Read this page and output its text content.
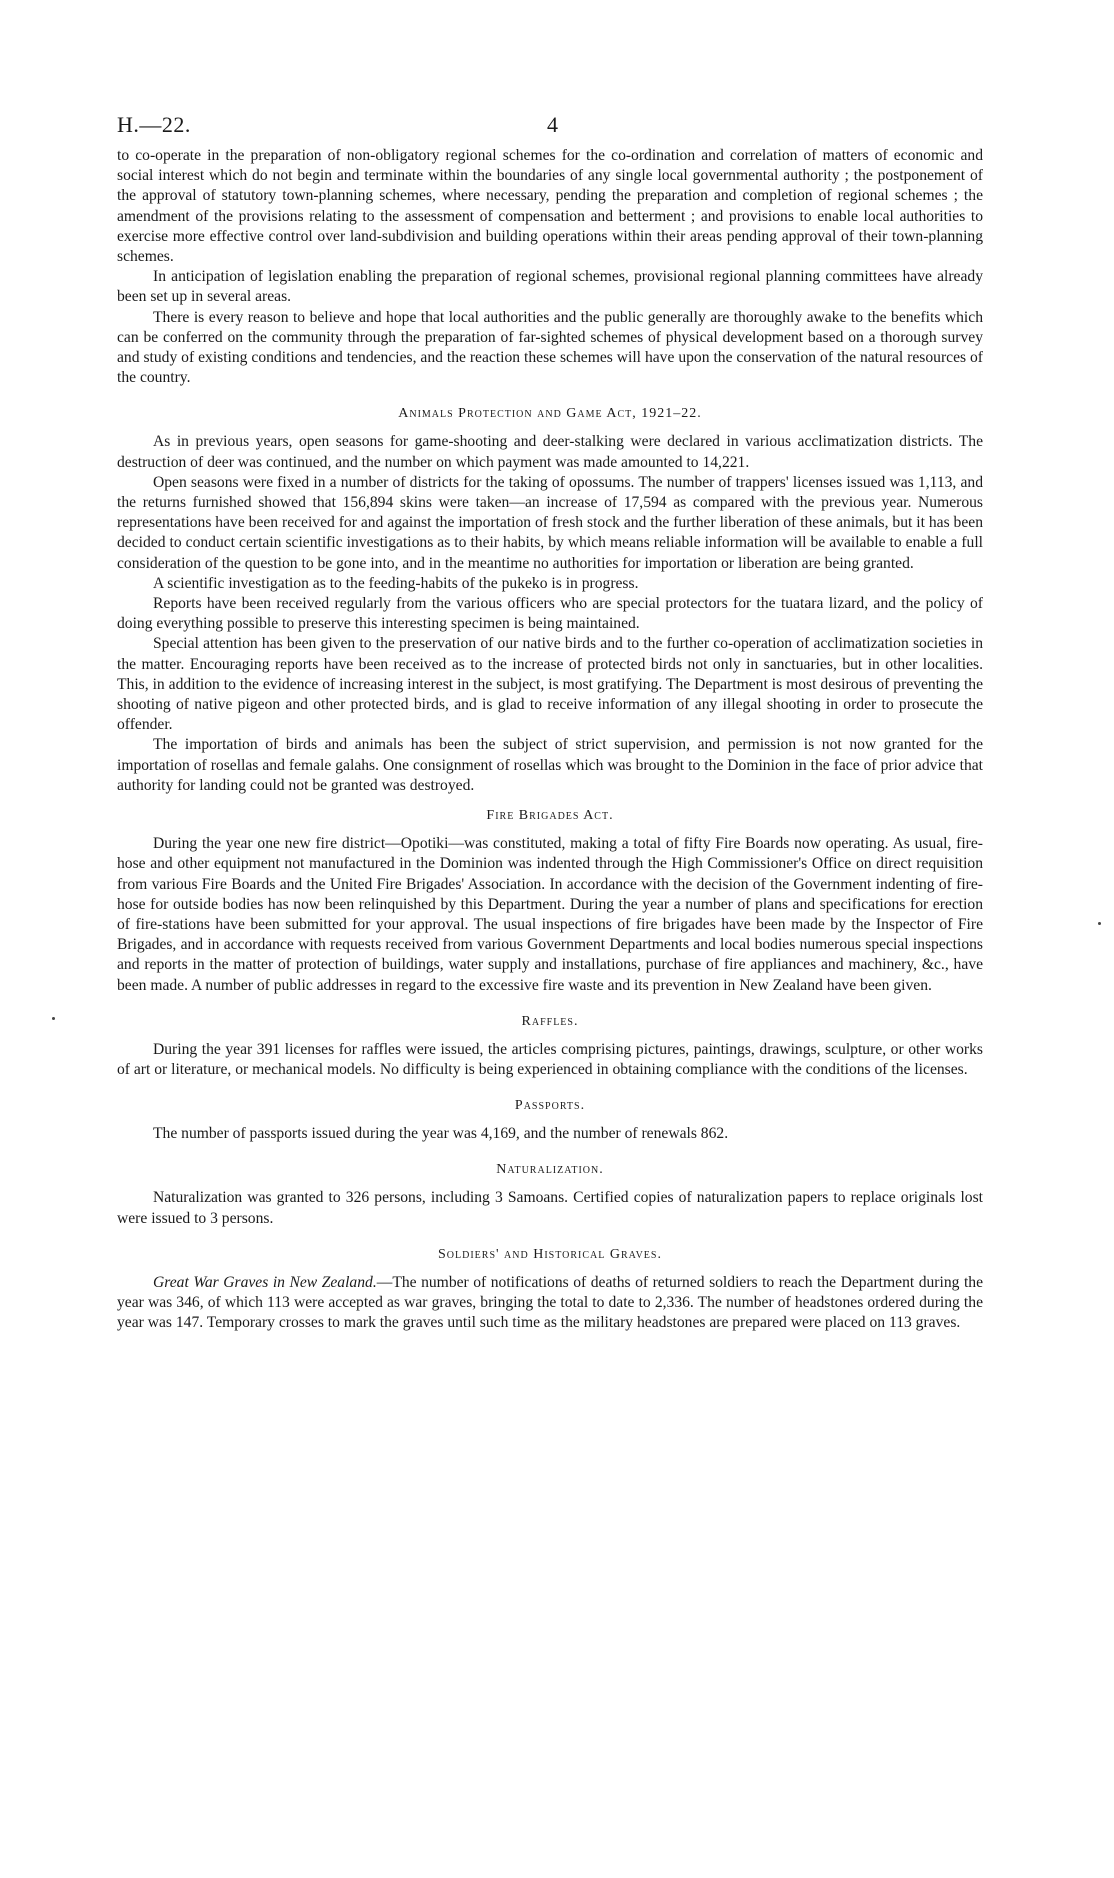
H.—22.	4

to co-operate in the preparation of non-obligatory regional schemes for the co-ordination and correlation of matters of economic and social interest which do not begin and terminate within the boundaries of any single local governmental authority ; the postponement of the approval of statutory town-planning schemes, where necessary, pending the preparation and completion of regional schemes ; the amendment of the provisions relating to the assessment of compensation and betterment ; and provisions to enable local authorities to exercise more effective control over land-subdivision and building operations within their areas pending approval of their town-planning schemes.

In anticipation of legislation enabling the preparation of regional schemes, provisional regional planning committees have already been set up in several areas.

There is every reason to believe and hope that local authorities and the public generally are thoroughly awake to the benefits which can be conferred on the community through the preparation of far-sighted schemes of physical development based on a thorough survey and study of existing conditions and tendencies, and the reaction these schemes will have upon the conservation of the natural resources of the country.

Animals Protection and Game Act, 1921–22.

As in previous years, open seasons for game-shooting and deer-stalking were declared in various acclimatization districts. The destruction of deer was continued, and the number on which payment was made amounted to 14,221.

Open seasons were fixed in a number of districts for the taking of opossums. The number of trappers' licenses issued was 1,113, and the returns furnished showed that 156,894 skins were taken—an increase of 17,594 as compared with the previous year. Numerous representations have been received for and against the importation of fresh stock and the further liberation of these animals, but it has been decided to conduct certain scientific investigations as to their habits, by which means reliable information will be available to enable a full consideration of the question to be gone into, and in the meantime no authorities for importation or liberation are being granted.

A scientific investigation as to the feeding-habits of the pukeko is in progress.

Reports have been received regularly from the various officers who are special protectors for the tuatara lizard, and the policy of doing everything possible to preserve this interesting specimen is being maintained.

Special attention has been given to the preservation of our native birds and to the further co-operation of acclimatization societies in the matter. Encouraging reports have been received as to the increase of protected birds not only in sanctuaries, but in other localities. This, in addition to the evidence of increasing interest in the subject, is most gratifying. The Department is most desirous of preventing the shooting of native pigeon and other protected birds, and is glad to receive information of any illegal shooting in order to prosecute the offender.

The importation of birds and animals has been the subject of strict supervision, and permission is not now granted for the importation of rosellas and female galahs. One consignment of rosellas which was brought to the Dominion in the face of prior advice that authority for landing could not be granted was destroyed.

Fire Brigades Act.

During the year one new fire district—Opotiki—was constituted, making a total of fifty Fire Boards now operating. As usual, fire-hose and other equipment not manufactured in the Dominion was indented through the High Commissioner's Office on direct requisition from various Fire Boards and the United Fire Brigades' Association. In accordance with the decision of the Government indenting of fire-hose for outside bodies has now been relinquished by this Department. During the year a number of plans and specifications for erection of fire-stations have been submitted for your approval. The usual inspections of fire brigades have been made by the Inspector of Fire Brigades, and in accordance with requests received from various Government Departments and local bodies numerous special inspections and reports in the matter of protection of buildings, water supply and installations, purchase of fire appliances and machinery, &c., have been made. A number of public addresses in regard to the excessive fire waste and its prevention in New Zealand have been given.

Raffles.

During the year 391 licenses for raffles were issued, the articles comprising pictures, paintings, drawings, sculpture, or other works of art or literature, or mechanical models. No difficulty is being experienced in obtaining compliance with the conditions of the licenses.

Passports.

The number of passports issued during the year was 4,169, and the number of renewals 862.

Naturalization.

Naturalization was granted to 326 persons, including 3 Samoans. Certified copies of naturalization papers to replace originals lost were issued to 3 persons.

Soldiers' and Historical Graves.

Great War Graves in New Zealand.—The number of notifications of deaths of returned soldiers to reach the Department during the year was 346, of which 113 were accepted as war graves, bringing the total to date to 2,336. The number of headstones ordered during the year was 147. Temporary crosses to mark the graves until such time as the military headstones are prepared were placed on 113 graves.
